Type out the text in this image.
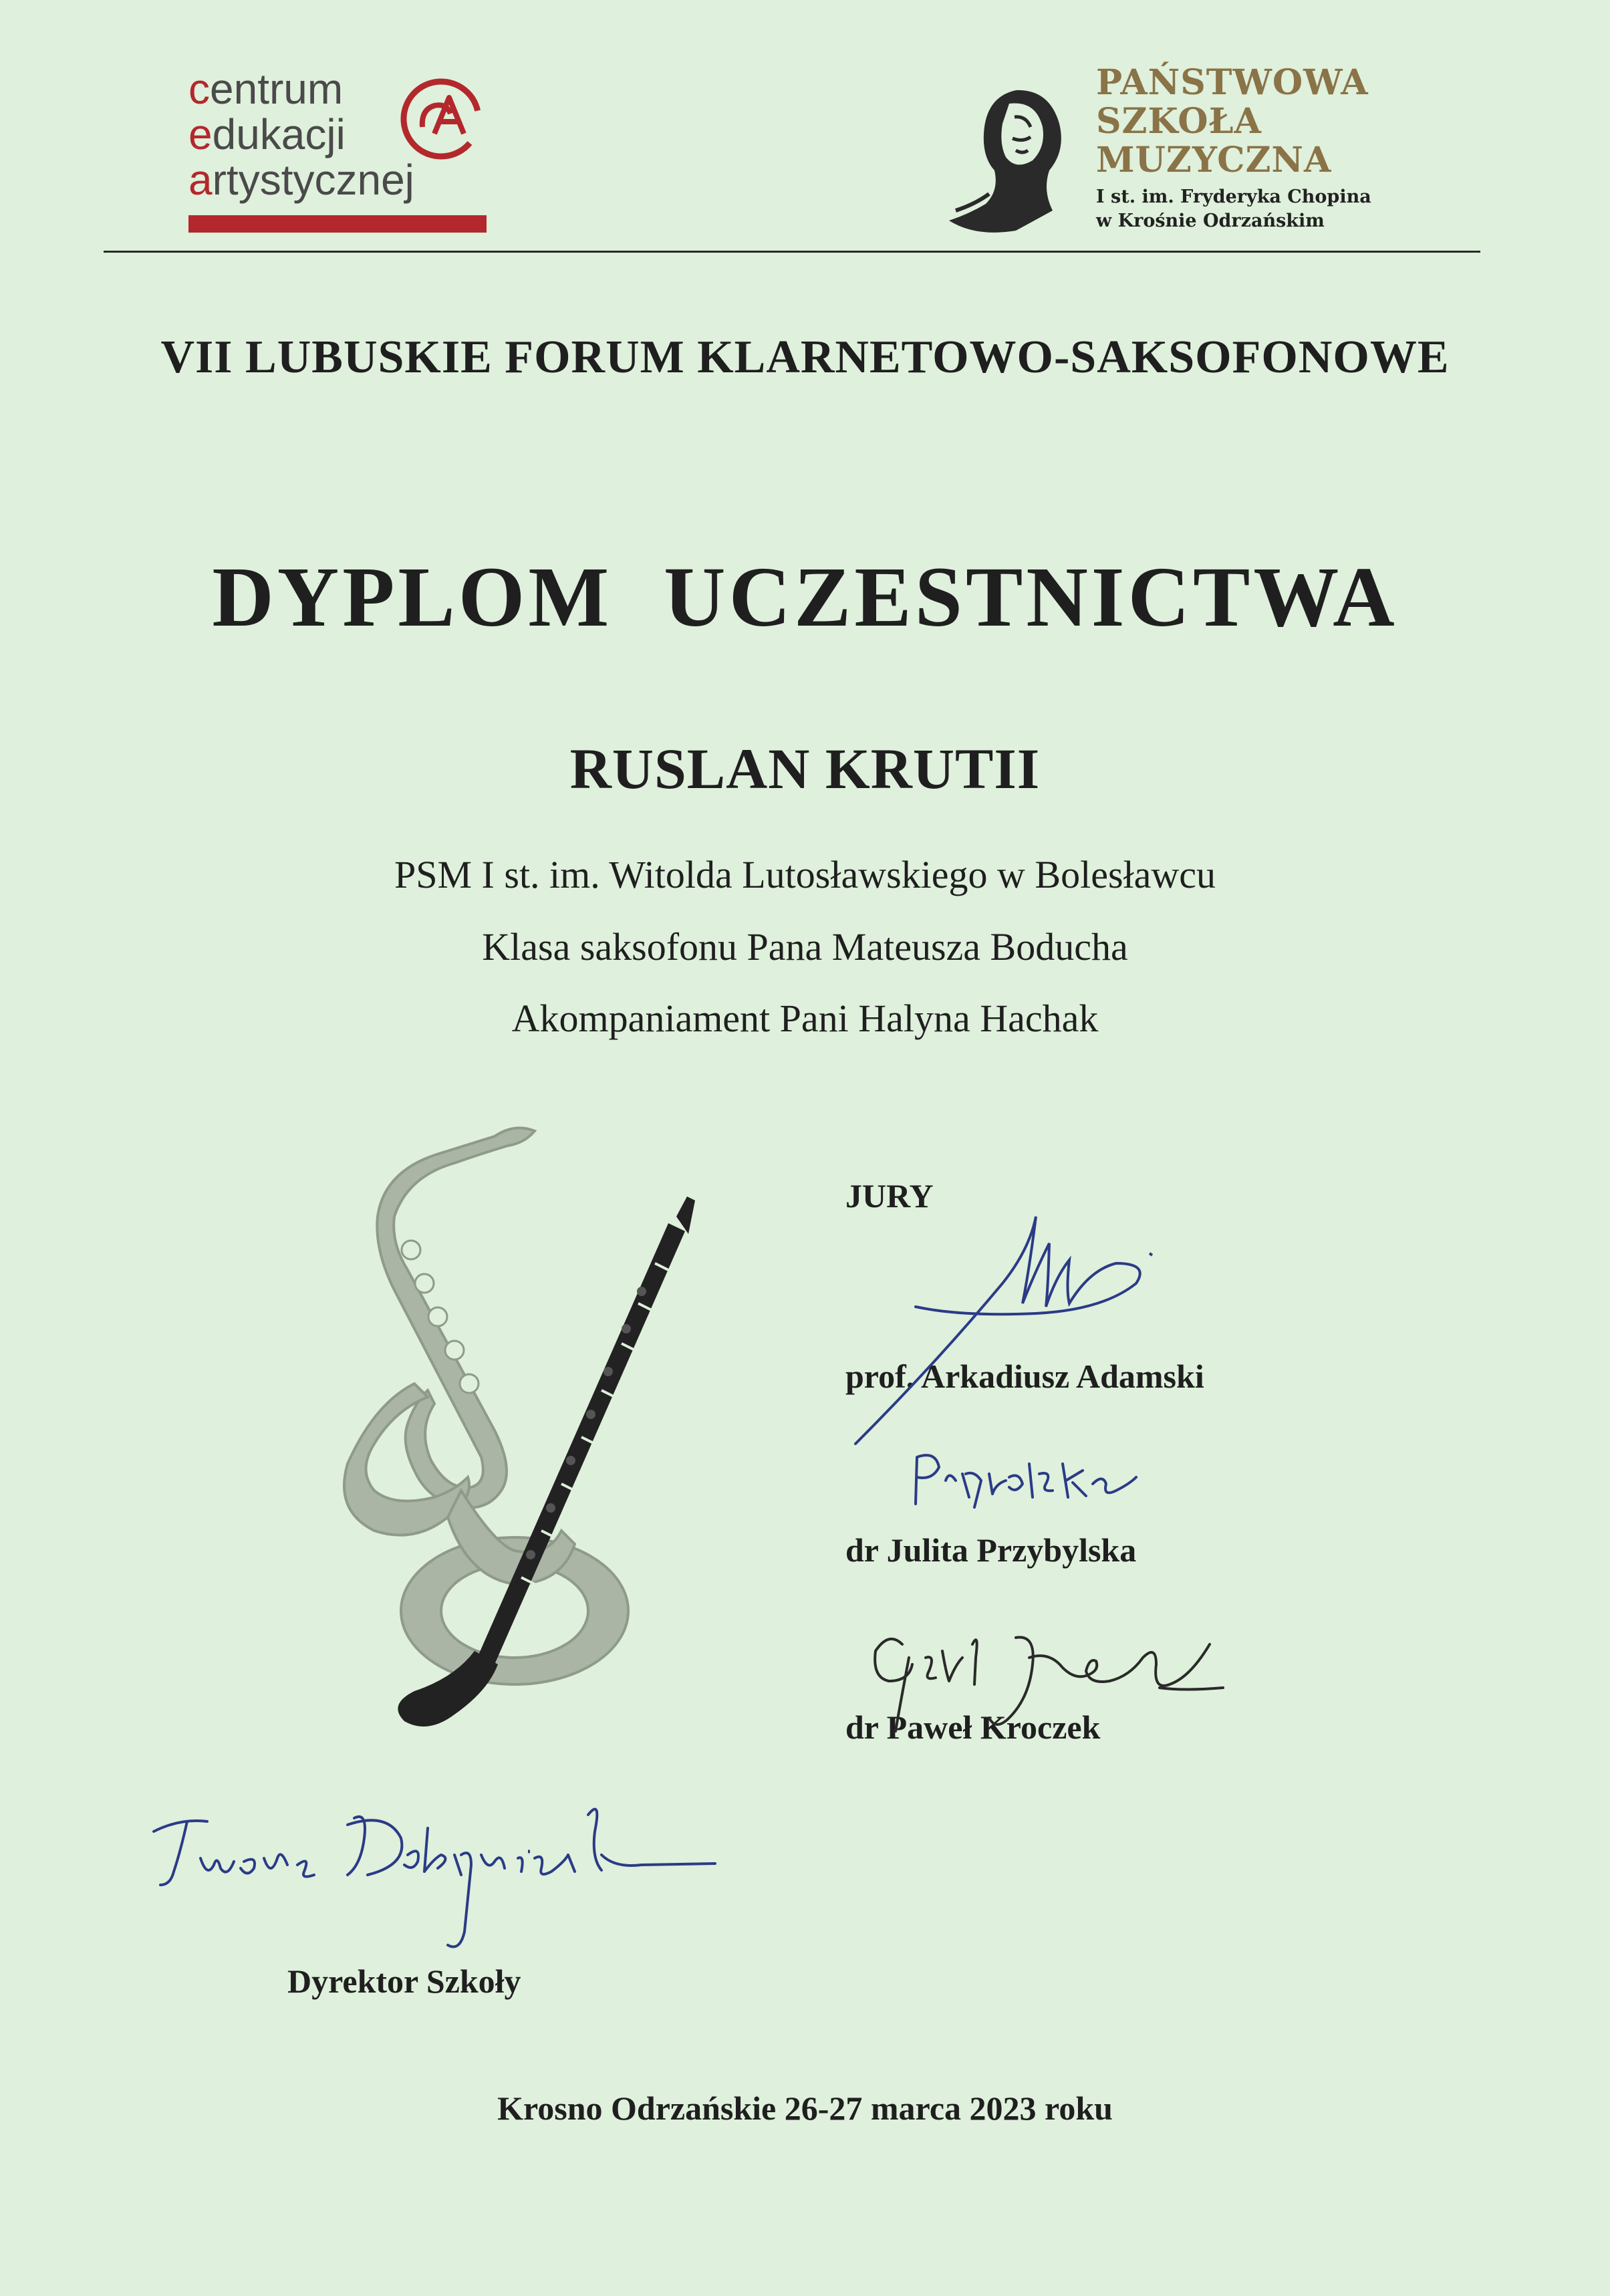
centrum
edukacji
artystycznej
PAŃSTWOWA
SZKOŁA
MUZYCZNA
I st. im. Fryderyka Chopina
w Krośnie Odrzańskim
VII LUBUSKIE FORUM KLARNETOWO-SAKSOFONOWE
DYPLOM UCZESTNICTWA
RUSLAN KRUTII
PSM I st. im. Witolda Lutosławskiego w Bolesławcu
Klasa saksofonu Pana Mateusza Boducha
Akompaniament Pani Halyna Hachak
JURY
prof. Arkadiusz Adamski
dr Julita Przybylska
dr Paweł Kroczek
Dyrektor Szkoły
Krosno Odrzańskie 26-27 marca 2023 roku
